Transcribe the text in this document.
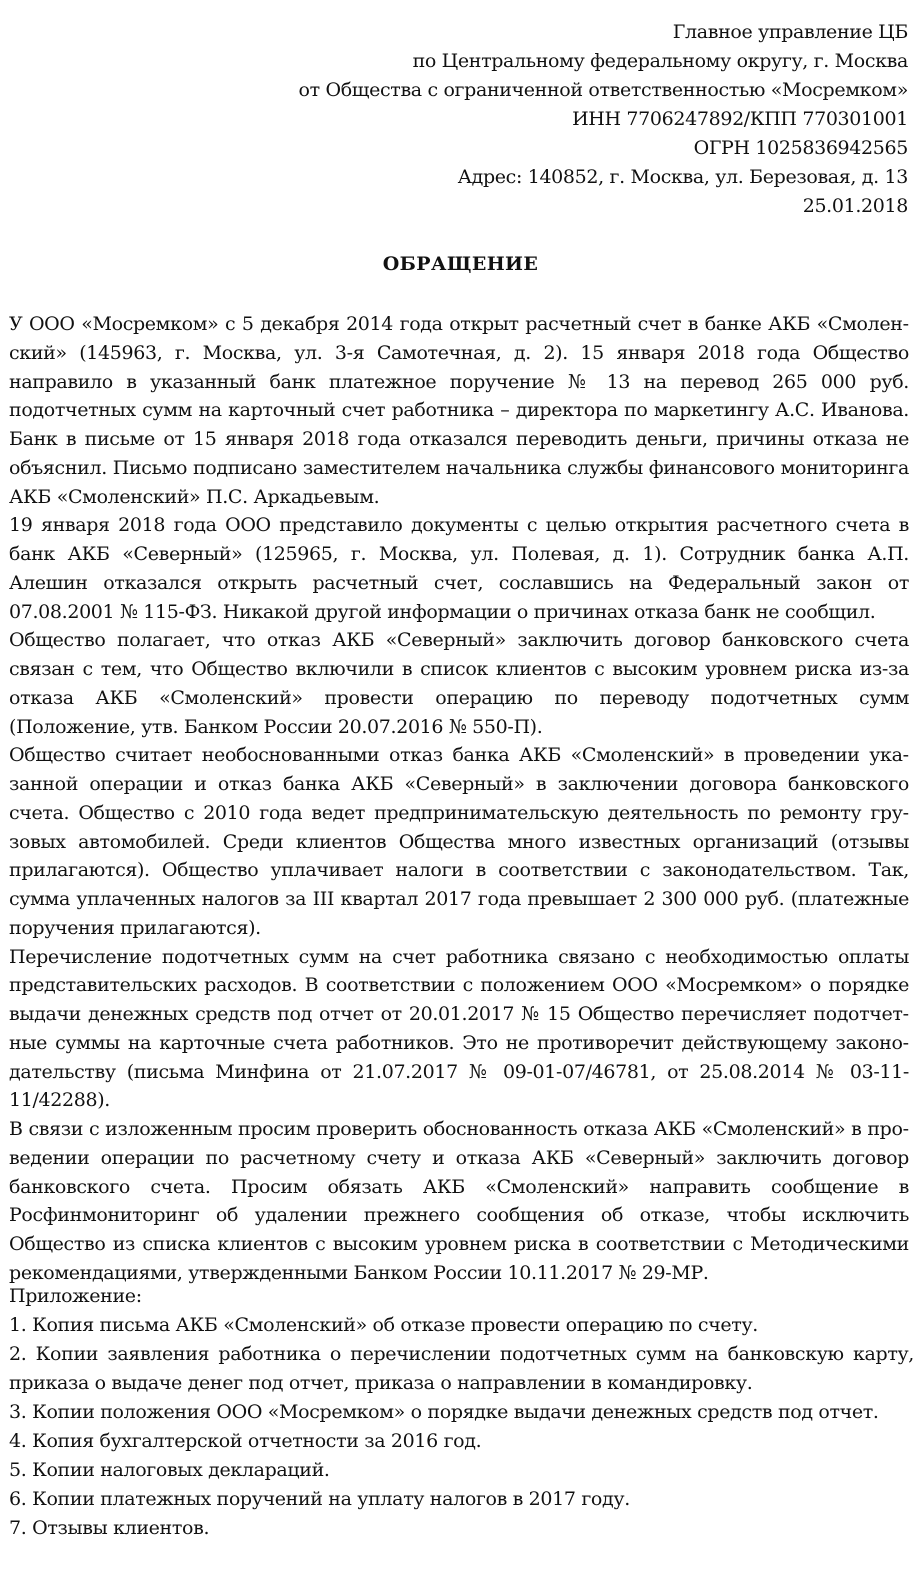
Главное управление ЦБ
по Центральному федеральному округу, г. Москва
от Общества с ограниченной ответственностью «Мосремком»
ИНН 7706247892/КПП 770301001
ОГРН 1025836942565
Адрес: 140852, г. Москва, ул. Березовая, д. 13
25.01.2018
ОБРАЩЕНИЕ

У ООО «Мосремком» с 5 декабря 2014 года открыт расчетный счет в банке АКБ «Смоленский» (145963, г. Москва, ул. 3-я Самотечная, д. 2). 15 января 2018 года Общество направило в указанный банк платежное поручение № 13 на перевод 265 000 руб. подотчетных сумм на карточный счет работника – директора по маркетингу А.С. Иванова. Банк в письме от 15 января 2018 года отказался переводить деньги, причины отказа не объяснил. Письмо подписано заместителем начальника службы финансового мониторинга АКБ «Смоленский» П.С. Аркадьевым.

19 января 2018 года ООО представило документы с целью открытия расчетного счета в банк АКБ «Северный» (125965, г. Москва, ул. Полевая, д. 1). Сотрудник банка А.П. Алешин отказался открыть расчетный счет, сославшись на Федеральный закон от 07.08.2001 № 115-ФЗ. Никакой другой информации о причинах отказа банк не сообщил.

Общество полагает, что отказ АКБ «Северный» заключить договор банковского счета связан с тем, что Общество включили в список клиентов с высоким уровнем риска из-за отказа АКБ «Смоленский» провести операцию по переводу подотчетных сумм (Положение, утв. Банком России 20.07.2016 № 550-П).

Общество считает необоснованными отказ банка АКБ «Смоленский» в проведении указанной операции и отказ банка АКБ «Северный» в заключении договора банковского счета. Общество с 2010 года ведет предпринимательскую деятельность по ремонту грузовых автомобилей. Среди клиентов Общества много известных организаций (отзывы прилагаются). Общество уплачивает налоги в соответствии с законодательством. Так, сумма уплаченных налогов за III квартал 2017 года превышает 2 300 000 руб. (платежные поручения прилагаются).

Перечисление подотчетных сумм на счет работника связано с необходимостью оплаты представительских расходов. В соответствии с положением ООО «Мосремком» о порядке выдачи денежных средств под отчет от 20.01.2017 № 15 Общество перечисляет подотчетные суммы на карточные счета работников. Это не противоречит действующему законодательству (письма Минфина от 21.07.2017 № 09-01-07/46781, от 25.08.2014 № 03-11-11/42288).

В связи с изложенным просим проверить обоснованность отказа АКБ «Смоленский» в проведении операции по расчетному счету и отказа АКБ «Северный» заключить договор банковского счета. Просим обязать АКБ «Смоленский» направить сообщение в Росфинмониторинг об удалении прежнего сообщения об отказе, чтобы исключить Общество из списка клиентов с высоким уровнем риска в соответствии с Методическими рекомендациями, утвержденными Банком России 10.11.2017 № 29-МР.

Приложение:
1. Копия письма АКБ «Смоленский» об отказе провести операцию по счету.
2. Копии заявления работника о перечислении подотчетных сумм на банковскую карту, приказа о выдаче денег под отчет, приказа о направлении в командировку.
3. Копии положения ООО «Мосремком» о порядке выдачи денежных средств под отчет.
4. Копия бухгалтерской отчетности за 2016 год.
5. Копии налоговых деклараций.
6. Копии платежных поручений на уплату налогов в 2017 году.
7. Отзывы клиентов.
